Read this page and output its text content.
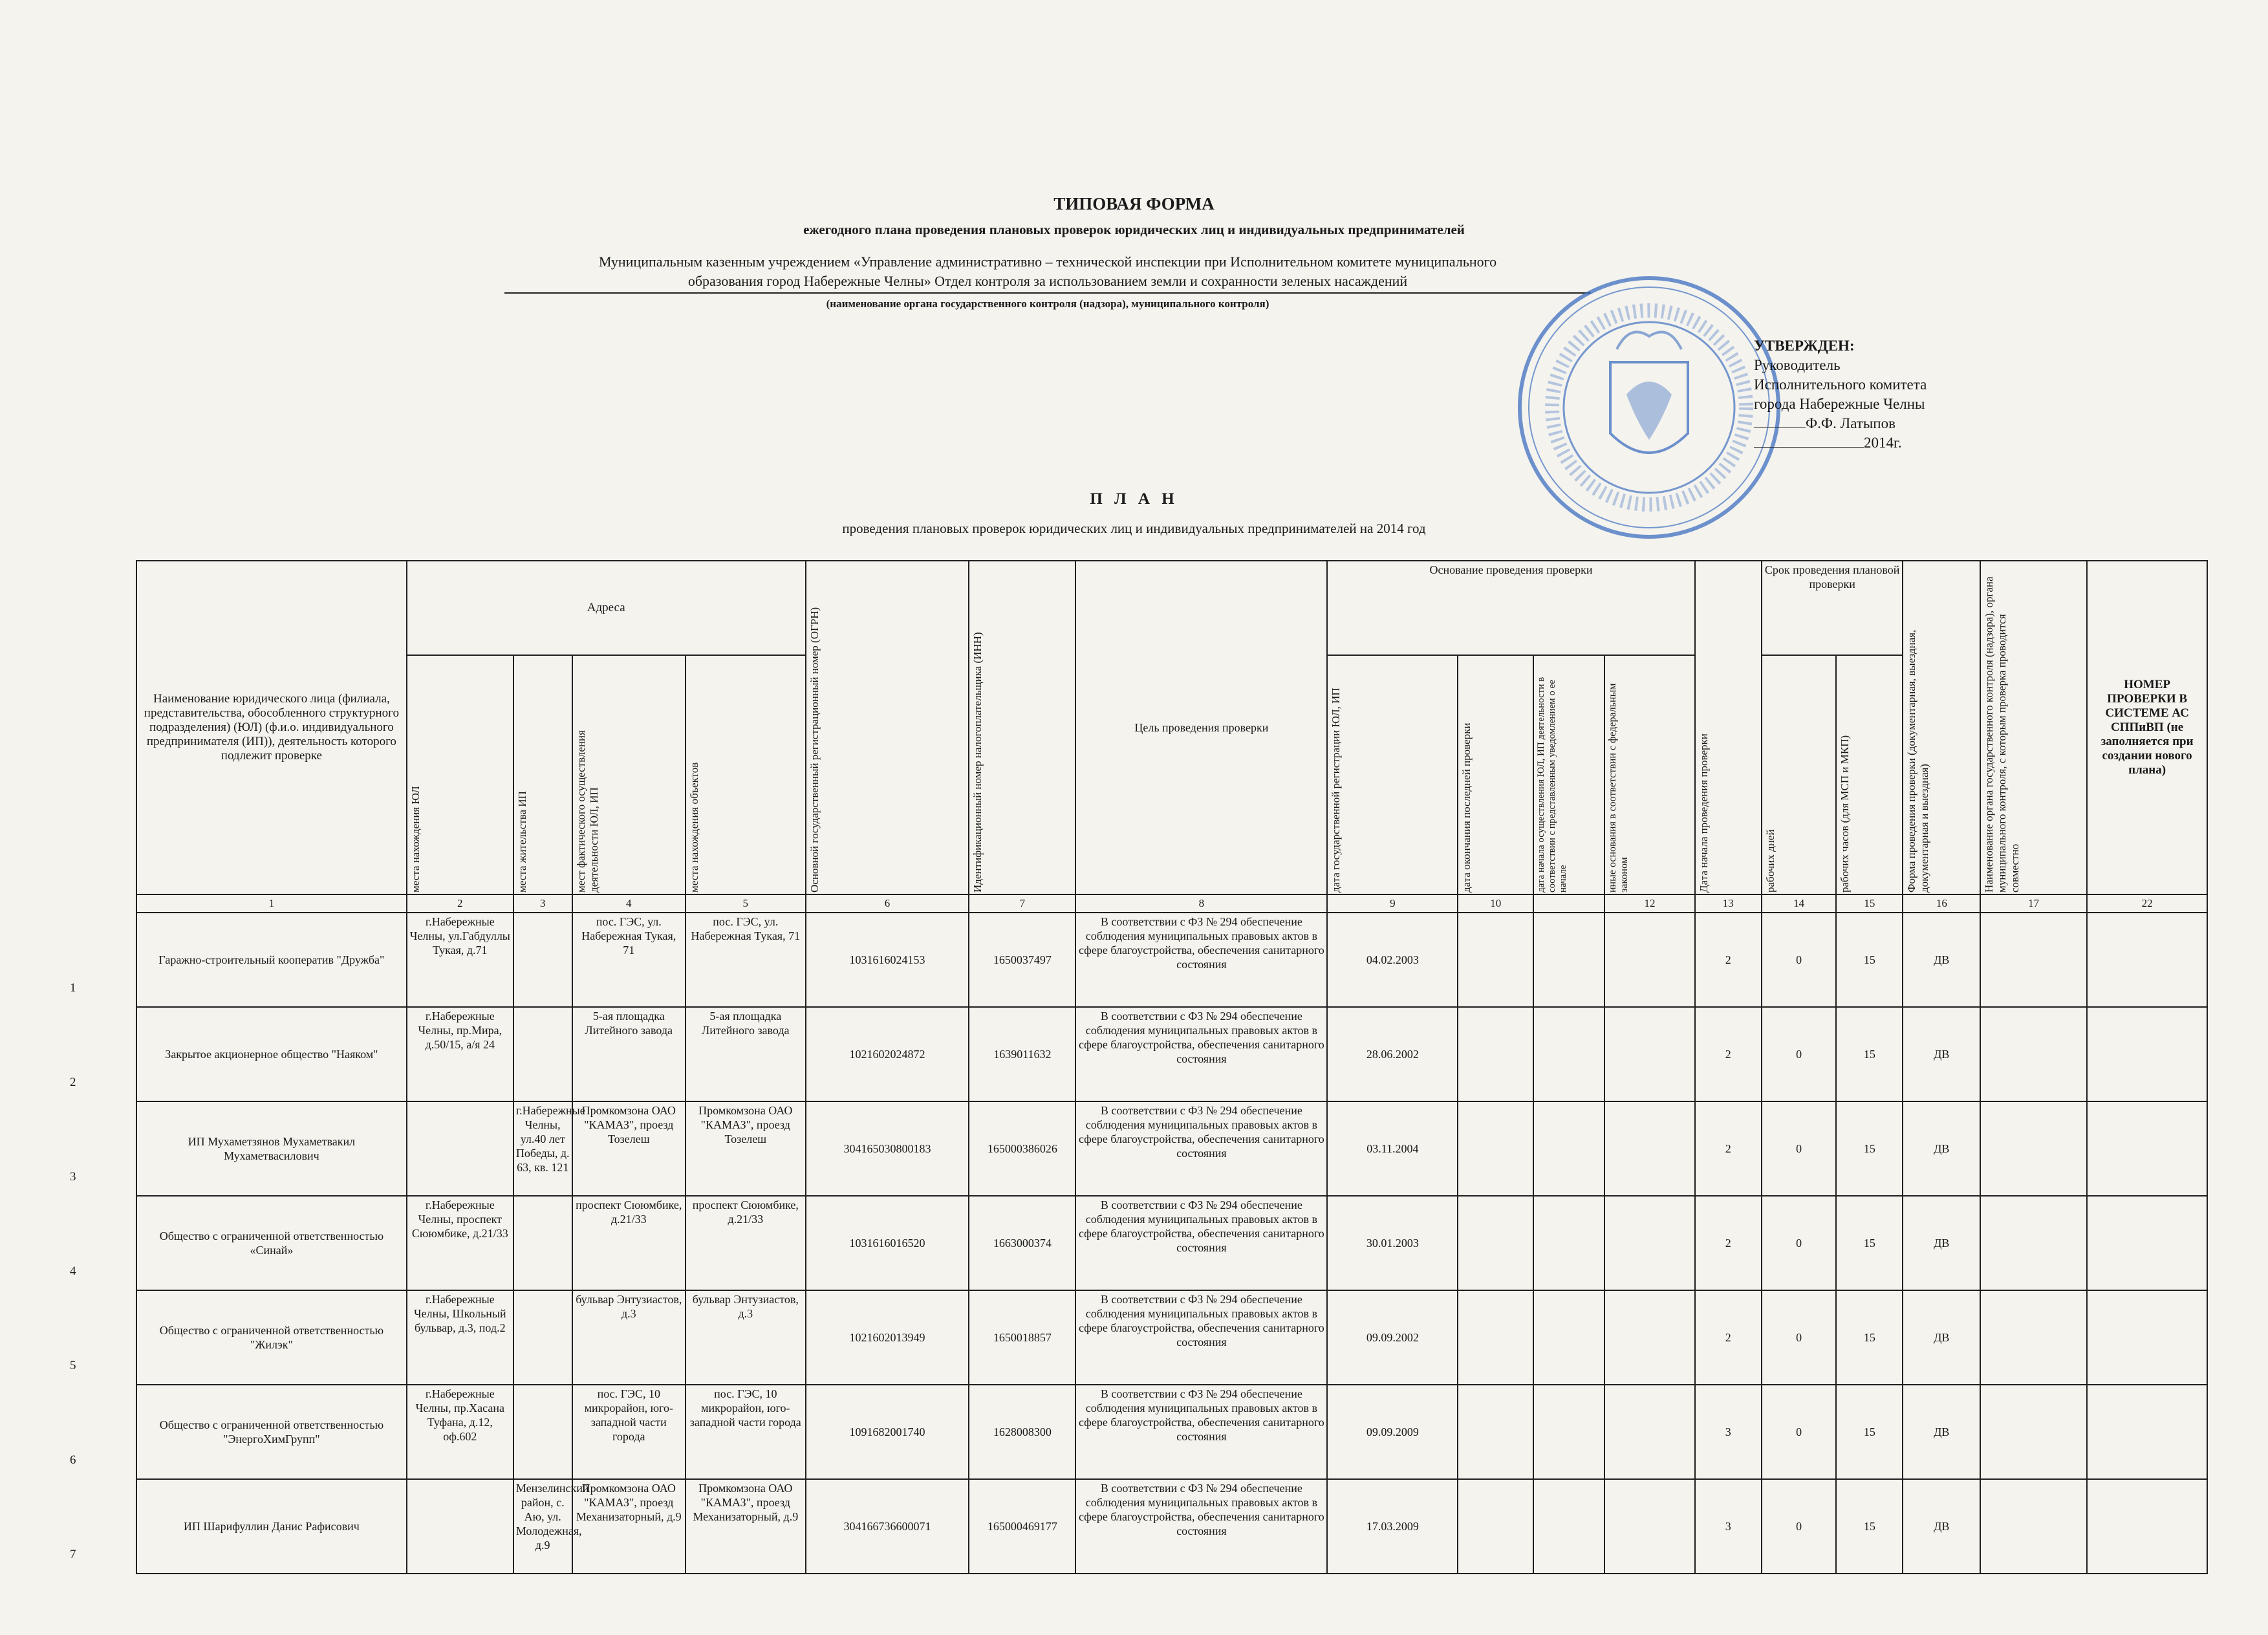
ТИПОВАЯ ФОРМА
ежегодного плана проведения плановых проверок юридических лиц и индивидуальных предпринимателей
Муниципальным казенным учреждением «Управление административно – технической инспекции при Исполнительном комитете муниципального
образования город Набережные Челны» Отдел контроля за использованием земли и сохранности зеленых насаждений
(наименование органа государственного контроля (надзора), муниципального контроля)
УТВЕРЖДЕН:
Руководитель
Исполнительного комитета
города Набережные Челны
Ф.Ф. Латыпов
2014г.
П Л А Н
проведения плановых проверок юридических лиц и индивидуальных предпринимателей на 2014 год
Наименование юридического лица (филиала, представительства, обособленного структурного подразделения) (ЮЛ) (ф.и.о. индивидуального предпринимателя (ИП)), деятельность которого подлежит проверке	Адреса				Основной государственный регистрационный номер (ОГРН)	Идентификационный номер налогоплательщика (ИНН)	Цель проведения проверки	Основание проведения проверки				Дата начала проведения проверки	Срок проведения плановой проверки		Форма проведения проверки (документарная, выездная, документарная и выездная)	Наименование органа государственного контроля (надзора), органа муниципального контроля, с которым проверка проводится совместно	НОМЕР ПРОВЕРКИ В СИСТЕМЕ АС СППиВП (не заполняется при создании нового плана)

	места нахождения ЮЛ	места жительства ИП	мест фактического осуществления деятельности ЮЛ, ИП	места нахождения объектов				дата государственной регистрации ЮЛ, ИП	дата окончания последней проверки	дата начала осуществления ЮЛ, ИП деятельности в соответствии с представленным уведомлением о ее начале	иные основания в соответствии с федеральным законом		рабочих дней	рабочих часов (для МСП и МКП)			

1	2	3	4	5	6	7	8	9	10		12	13	14	15	16	17	22

Гаражно-строительный кооператив "Дружба"	г.Набережные Челны, ул.Габдуллы Тукая, д.71		пос. ГЭС, ул. Набережная Тукая, 71	пос. ГЭС, ул. Набережная Тукая, 71	1031616024153	1650037497	В соответствии с ФЗ № 294 обеспечение соблюдения муниципальных правовых актов в сфере благоустройства, обеспечения санитарного состояния	04.02.2003				2	0	15	ДВ		

Закрытое акционерное общество "Наяком"	г.Набережные Челны, пр.Мира, д.50/15, а/я 24		5-ая площадка Литейного завода	5-ая площадка Литейного завода	1021602024872	1639011632	В соответствии с ФЗ № 294 обеспечение соблюдения муниципальных правовых актов в сфере благоустройства, обеспечения санитарного состояния	28.06.2002				2	0	15	ДВ		

ИП Мухаметзянов Мухаметвакил Мухаметвасилович		г.Набережные Челны, ул.40 лет Победы, д. 63, кв. 121	Промкомзона ОАО "КАМАЗ", проезд Тозелеш	Промкомзона ОАО "КАМАЗ", проезд Тозелеш	304165030800183	165000386026	В соответствии с ФЗ № 294 обеспечение соблюдения муниципальных правовых актов в сфере благоустройства, обеспечения санитарного состояния	03.11.2004				2	0	15	ДВ		

Общество с ограниченной ответственностью «Синай»	г.Набережные Челны, проспект Сююмбике, д.21/33		проспект Сююмбике, д.21/33	проспект Сююмбике, д.21/33	1031616016520	1663000374	В соответствии с ФЗ № 294 обеспечение соблюдения муниципальных правовых актов в сфере благоустройства, обеспечения санитарного состояния	30.01.2003				2	0	15	ДВ		

Общество с ограниченной ответственностью "Жилэк"	г.Набережные Челны, Школьный бульвар, д.3, под.2		бульвар Энтузиастов, д.3	бульвар Энтузиастов, д.3	1021602013949	1650018857	В соответствии с ФЗ № 294 обеспечение соблюдения муниципальных правовых актов в сфере благоустройства, обеспечения санитарного состояния	09.09.2002				2	0	15	ДВ		

Общество с ограниченной ответственностью "ЭнергоХимГрупп"	г.Набережные Челны, пр.Хасана Туфана, д.12, оф.602		пос. ГЭС, 10 микрорайон, юго-западной части города	пос. ГЭС, 10 микрорайон, юго-западной части города	1091682001740	1628008300	В соответствии с ФЗ № 294 обеспечение соблюдения муниципальных правовых актов в сфере благоустройства, обеспечения санитарного состояния	09.09.2009				3	0	15	ДВ		

ИП Шарифуллин Данис Рафисович		Мензелинский район, с. Аю, ул. Молодежная, д.9	Промкомзона ОАО "КАМАЗ", проезд Механизаторный, д.9	Промкомзона ОАО "КАМАЗ", проезд Механизаторный, д.9	304166736600071	165000469177	В соответствии с ФЗ № 294 обеспечение соблюдения муниципальных правовых актов в сфере благоустройства, обеспечения санитарного состояния	17.03.2009				3	0	15	ДВ		

1
2
3
4
5
6
7
